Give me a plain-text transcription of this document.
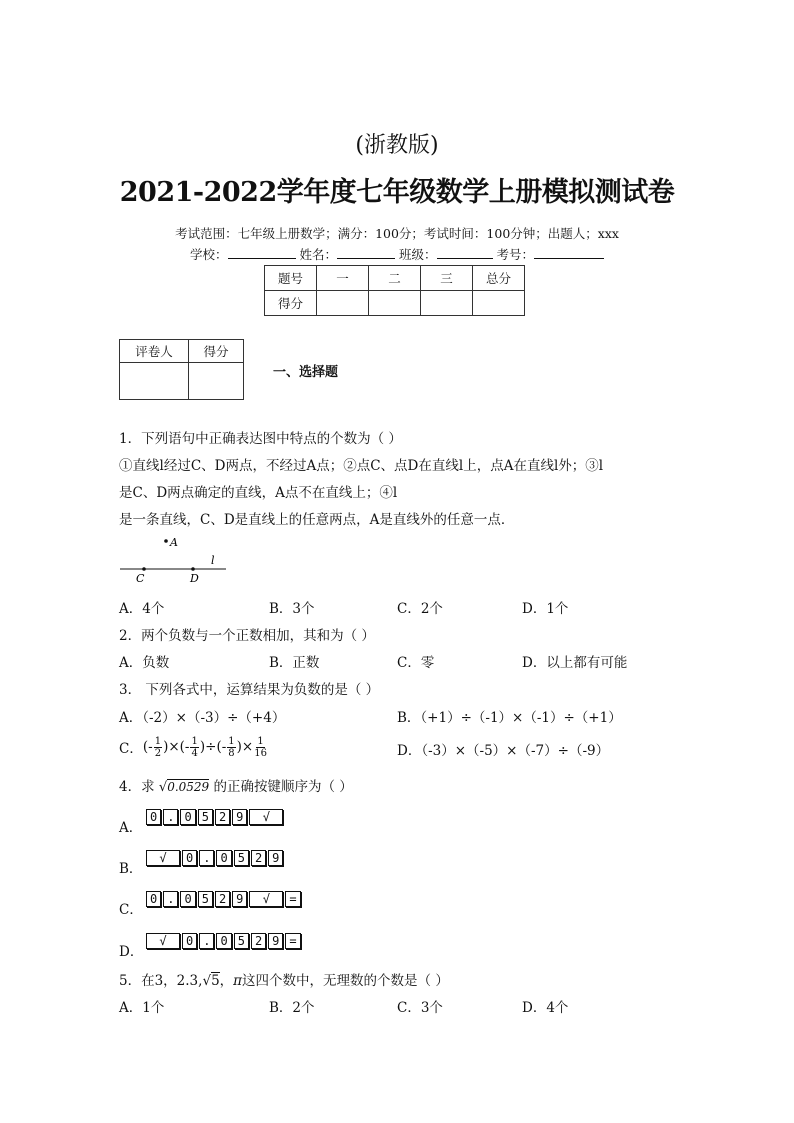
(浙教版)
2021-2022学年度七年级数学上册模拟测试卷
考试范围：七年级上册数学；满分：100分；考试时间：100分钟；出题人；xxx
学校：	姓名：	班级：	考号：
题号	一	二	三	总分
得分				
评卷人	得分

一、选择题
1．下列语句中正确表达图中特点的个数为（ ）
①直线l经过C、D两点，不经过A点；②点C、点D在直线l上，点A在直线l外；③l
是C、D两点确定的直线，A点不在直线上；④l
是一条直线，C、D是直线上的任意两点，A是直线外的任意一点．
A
C	D
l
A．4个	B．3个	C．2个	D．1个
2．两个负数与一个正数相加，其和为（ ）
A．负数	B．正数	C．零	D．以上都有可能
3． 下列各式中，运算结果为负数的是（ ）
A．（-2）×（-3）÷（+4）	B．（+1）÷（-1）×（-1）÷（+1）
C． (- $\frac{1}{2}$ )×(- $\frac{1}{4}$ )÷(- $\frac{1}{8}$ )× $\frac{1}{16}$	D．（-3）×（-5）×（-7）÷（-9）
4．求 √0.0529 的正确按键顺序为（ ）
A．
0 . 0 5 2 9 √
B．
√ 0 . 0 5 2 9
C．
0 . 0 5 2 9 √ =
D．
√ 0 . 0 5 2 9 =
5．在3，2.3,√5，π这四个数中，无理数的个数是（ ）
A．1个	B．2个	C．3个	D．4个
